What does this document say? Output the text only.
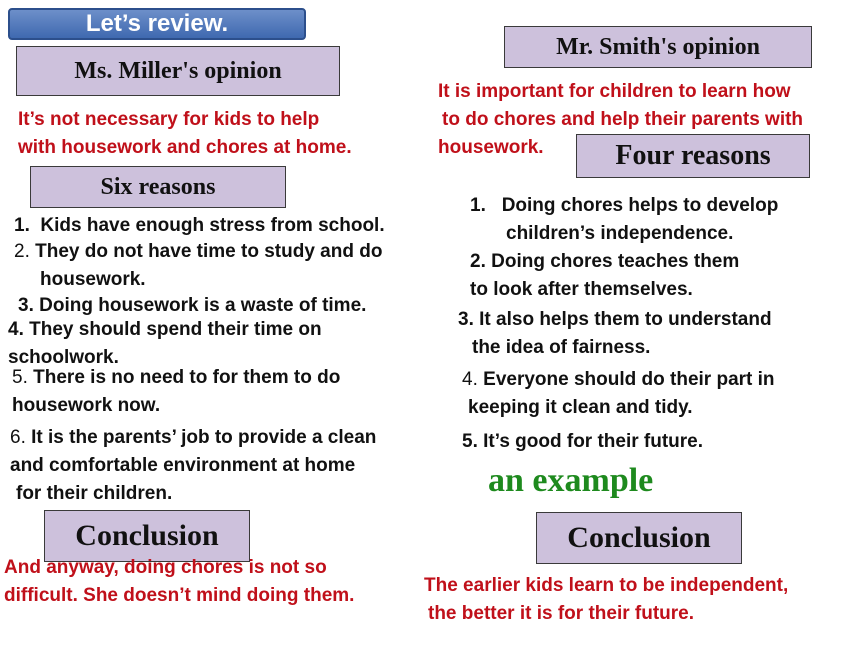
Let’s review.
Ms. Miller's opinion
It’s not necessary for kids to help
with housework and chores at home.
Six reasons
1. Kids have enough stress from school.
2. They do not have time to study and do
housework.
3. Doing housework is a waste of time.
4. They should spend their time on
schoolwork.
5. There is no need to for them to do
housework now.
6. It is the parents’ job to provide a clean
and comfortable environment at home
for their children.
Conclusion
And anyway, doing chores is not so
difficult. She doesn’t mind doing them.
Mr. Smith's opinion
It is important for children to learn how
to do chores and help their parents with
housework.	Four reasons
1. Doing chores helps to develop
children’s independence.
2. Doing chores teaches them
to look after themselves.
3. It also helps them to understand
the idea of fairness.
4. Everyone should do their part in
keeping it clean and tidy.
5. It’s good for their future.
an example
Conclusion
The earlier kids learn to be independent,
the better it is for their future.
